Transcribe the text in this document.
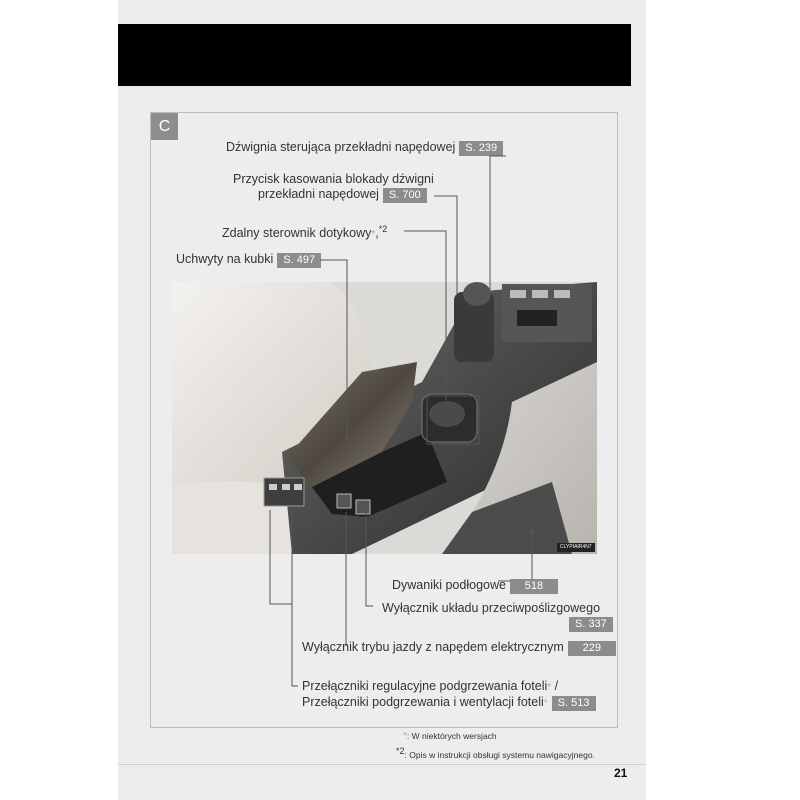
C
Dźwignia sterująca przekładni napędowej S. 239
Przycisk kasowania blokady dźwigni
przekładni napędowej S. 700
Zdalny sterownik dotykowy*,$^{*2}$
Uchwyty na kubki S. 497
CLYPIAIR4N7
Dywaniki podłogowe 518
Wyłącznik układu przeciwpoślizgowego
S. 337
Wyłącznik trybu jazdy z napędem elektrycznym 229
Przełączniki regulacyjne podgrzewania foteli* /
Przełączniki podgrzewania i wentylacji foteli* S. 513
*: W niektórych wersjach
*2: Opis w instrukcji obsługi systemu nawigacyjnego.
21
